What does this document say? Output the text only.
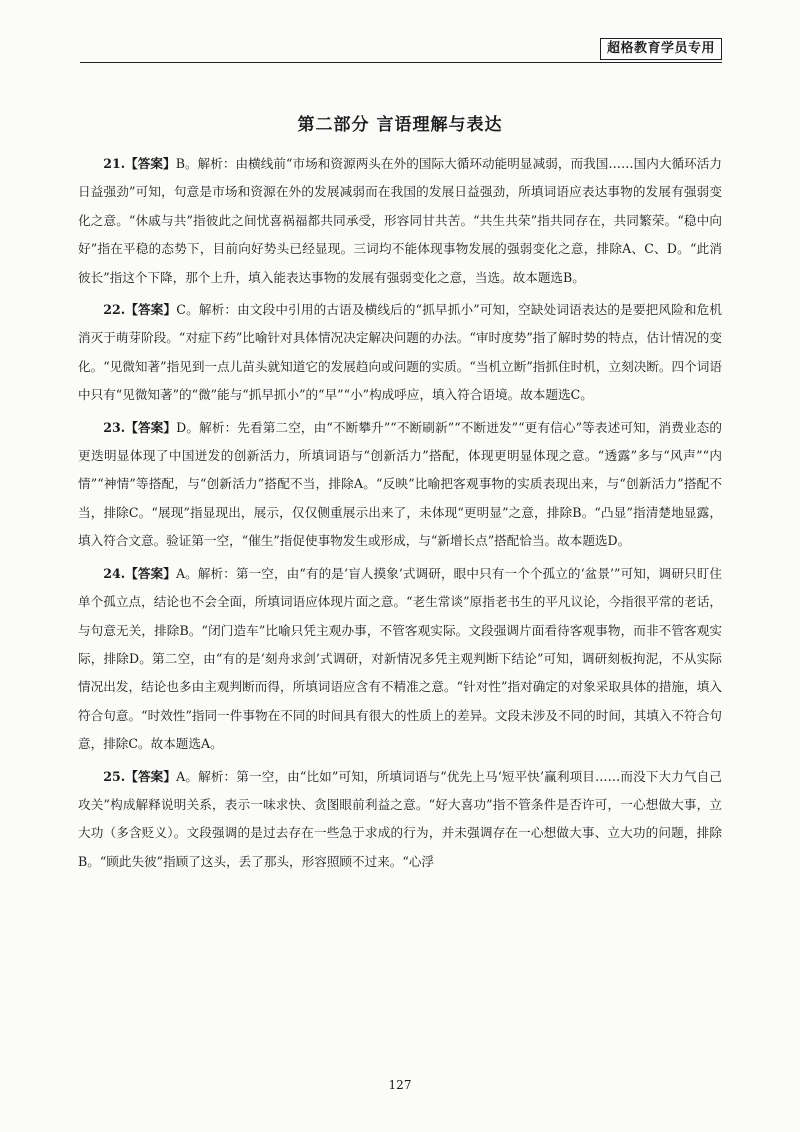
超格教育学员专用
第二部分 言语理解与表达

21.【答案】B。解析：由横线前“市场和资源两头在外的国际大循环动能明显减弱，而我国……国内大循环活力日益强劲”可知，句意是市场和资源在外的发展减弱而在我国的发展日益强劲，所填词语应表达事物的发展有强弱变化之意。“休戚与共”指彼此之间忧喜祸福都共同承受，形容同甘共苦。“共生共荣”指共同存在，共同繁荣。“稳中向好”指在平稳的态势下，目前向好势头已经显现。三词均不能体现事物发展的强弱变化之意，排除A、C、D。“此消彼长”指这个下降，那个上升，填入能表达事物的发展有强弱变化之意，当选。故本题选B。

22.【答案】C。解析：由文段中引用的古语及横线后的“抓早抓小”可知，空缺处词语表达的是要把风险和危机消灭于萌芽阶段。“对症下药”比喻针对具体情况决定解决问题的办法。“审时度势”指了解时势的特点，估计情况的变化。“见微知著”指见到一点儿苗头就知道它的发展趋向或问题的实质。“当机立断”指抓住时机，立刻决断。四个词语中只有“见微知著”的“微”能与“抓早抓小”的“早”“小”构成呼应，填入符合语境。故本题选C。

23.【答案】D。解析：先看第二空，由“不断攀升”“不断刷新”“不断迸发”“更有信心”等表述可知，消费业态的更迭明显体现了中国迸发的创新活力，所填词语与“创新活力”搭配，体现更明显体现之意。“透露”多与“风声”“内情”“神情”等搭配，与“创新活力”搭配不当，排除A。“反映”比喻把客观事物的实质表现出来，与“创新活力”搭配不当，排除C。“展现”指显现出，展示，仅仅侧重展示出来了，未体现“更明显”之意，排除B。“凸显”指清楚地显露，填入符合文意。验证第一空，“催生”指促使事物发生或形成，与“新增长点”搭配恰当。故本题选D。

24.【答案】A。解析：第一空，由“有的是‘盲人摸象’式调研，眼中只有一个个孤立的‘盆景’”可知，调研只盯住单个孤立点，结论也不会全面，所填词语应体现片面之意。“老生常谈”原指老书生的平凡议论，今指很平常的老话，与句意无关，排除B。“闭门造车”比喻只凭主观办事，不管客观实际。文段强调片面看待客观事物，而非不管客观实际，排除D。第二空，由“有的是‘刻舟求剑’式调研，对新情况多凭主观判断下结论”可知，调研刻板拘泥，不从实际情况出发，结论也多由主观判断而得，所填词语应含有不精准之意。“针对性”指对确定的对象采取具体的措施，填入符合句意。“时效性”指同一件事物在不同的时间具有很大的性质上的差异。文段未涉及不同的时间，其填入不符合句意，排除C。故本题选A。

25.【答案】A。解析：第一空，由“比如”可知，所填词语与“优先上马‘短平快’赢利项目……而没下大力气自己攻关”构成解释说明关系，表示一味求快、贪图眼前利益之意。“好大喜功”指不管条件是否许可，一心想做大事，立大功（多含贬义）。文段强调的是过去存在一些急于求成的行为，并未强调存在一心想做大事、立大功的问题，排除B。“顾此失彼”指顾了这头，丢了那头，形容照顾不过来。“心浮

127
